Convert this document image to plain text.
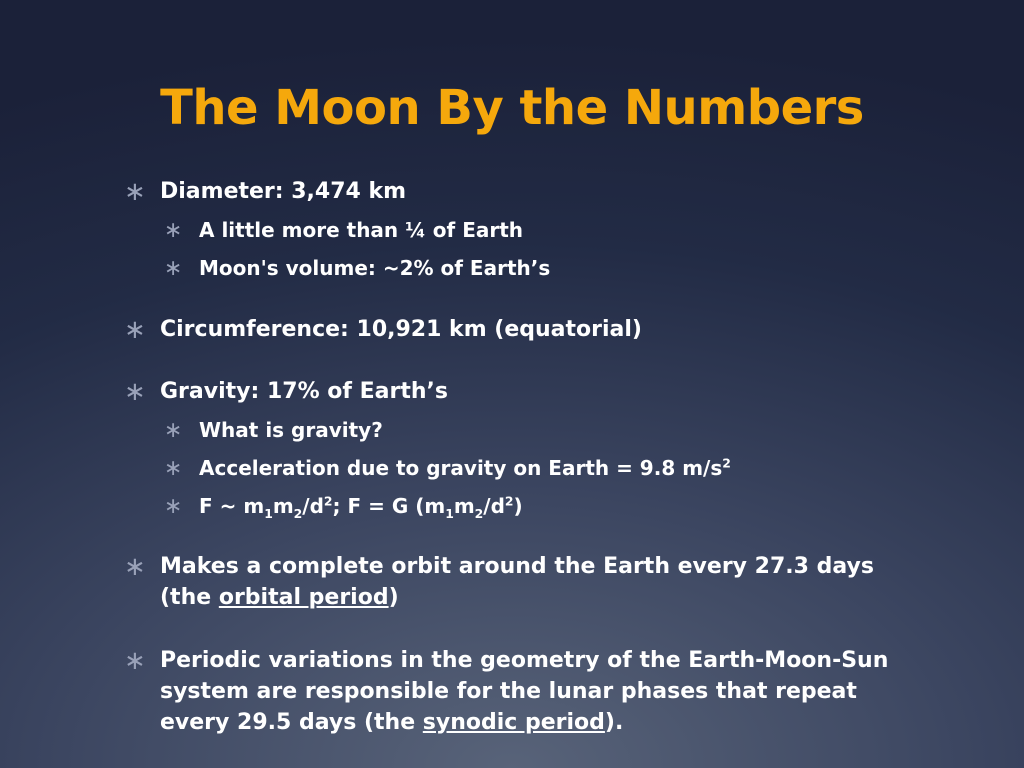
The Moon By the Numbers
∗ Diameter: 3,474 km
∗ A little more than ¼ of Earth
∗ Moon's volume: ~2% of Earth’s
∗ Circumference: 10,921 km (equatorial)
∗ Gravity: 17% of Earth’s
∗ What is gravity?
∗ Acceleration due to gravity on Earth = 9.8 $m/s^2$
∗ F ~ $m_1m_2/d^2$; F = G $(m_1m_2/d^2)$
∗ Makes a complete orbit around the Earth every 27.3 days (the orbital period)
∗ Periodic variations in the geometry of the Earth-Moon-Sun system are responsible for the lunar phases that repeat every 29.5 days (the synodic period).
